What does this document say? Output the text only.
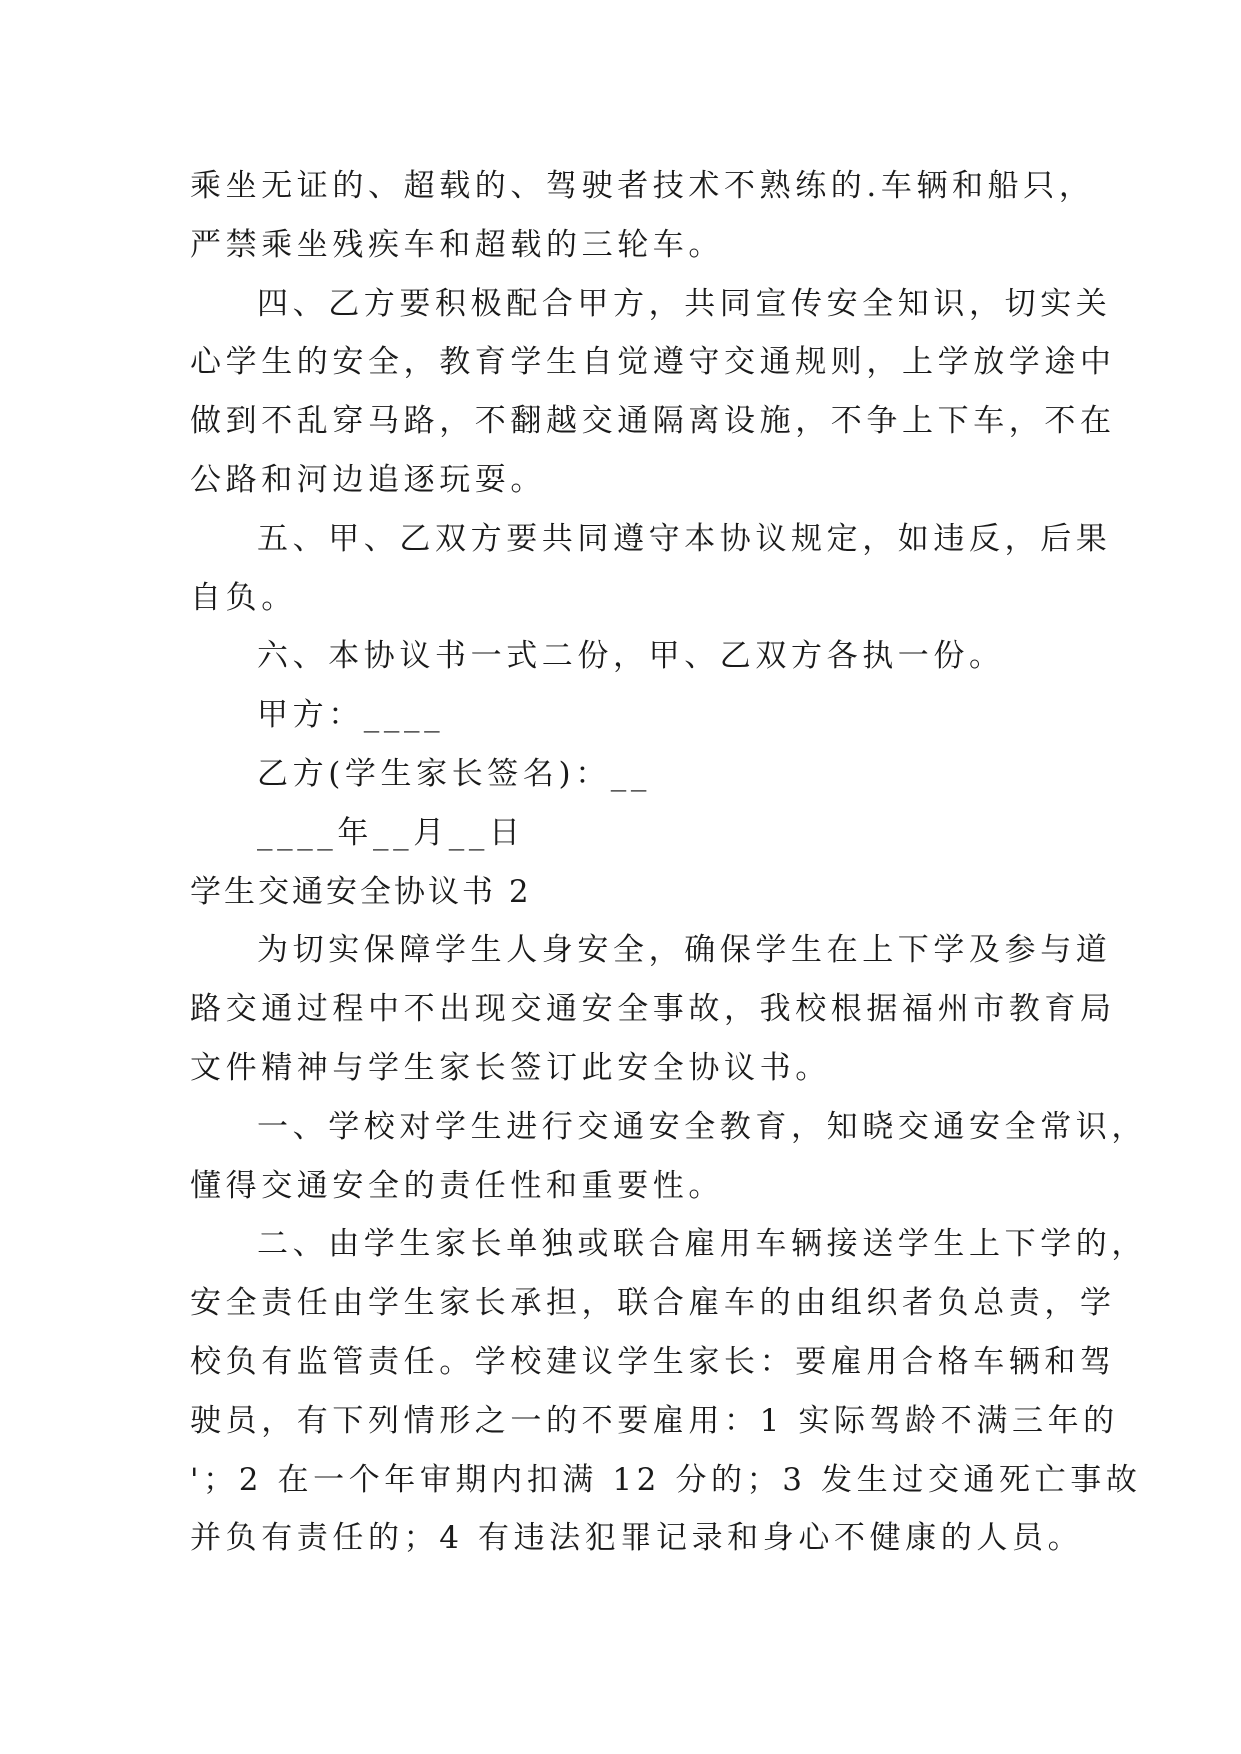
乘坐无证的、超载的、驾驶者技术不熟练的.车辆和船只，
严禁乘坐残疾车和超载的三轮车。
四、乙方要积极配合甲方，共同宣传安全知识，切实关
心学生的安全，教育学生自觉遵守交通规则，上学放学途中
做到不乱穿马路，不翻越交通隔离设施，不争上下车，不在
公路和河边追逐玩耍。
五、甲、乙双方要共同遵守本协议规定，如违反，后果
自负。
六、本协议书一式二份，甲、乙双方各执一份。
甲方：____
乙方(学生家长签名)：__
____年__月__日
学生交通安全协议书 2
为切实保障学生人身安全，确保学生在上下学及参与道
路交通过程中不出现交通安全事故，我校根据福州市教育局
文件精神与学生家长签订此安全协议书。
一、学校对学生进行交通安全教育，知晓交通安全常识，
懂得交通安全的责任性和重要性。
二、由学生家长单独或联合雇用车辆接送学生上下学的，
安全责任由学生家长承担，联合雇车的由组织者负总责，学
校负有监管责任。学校建议学生家长：要雇用合格车辆和驾
驶员，有下列情形之一的不要雇用：1 实际驾龄不满三年的
'；2 在一个年审期内扣满 12 分的；3 发生过交通死亡事故
并负有责任的；4 有违法犯罪记录和身心不健康的人员。
